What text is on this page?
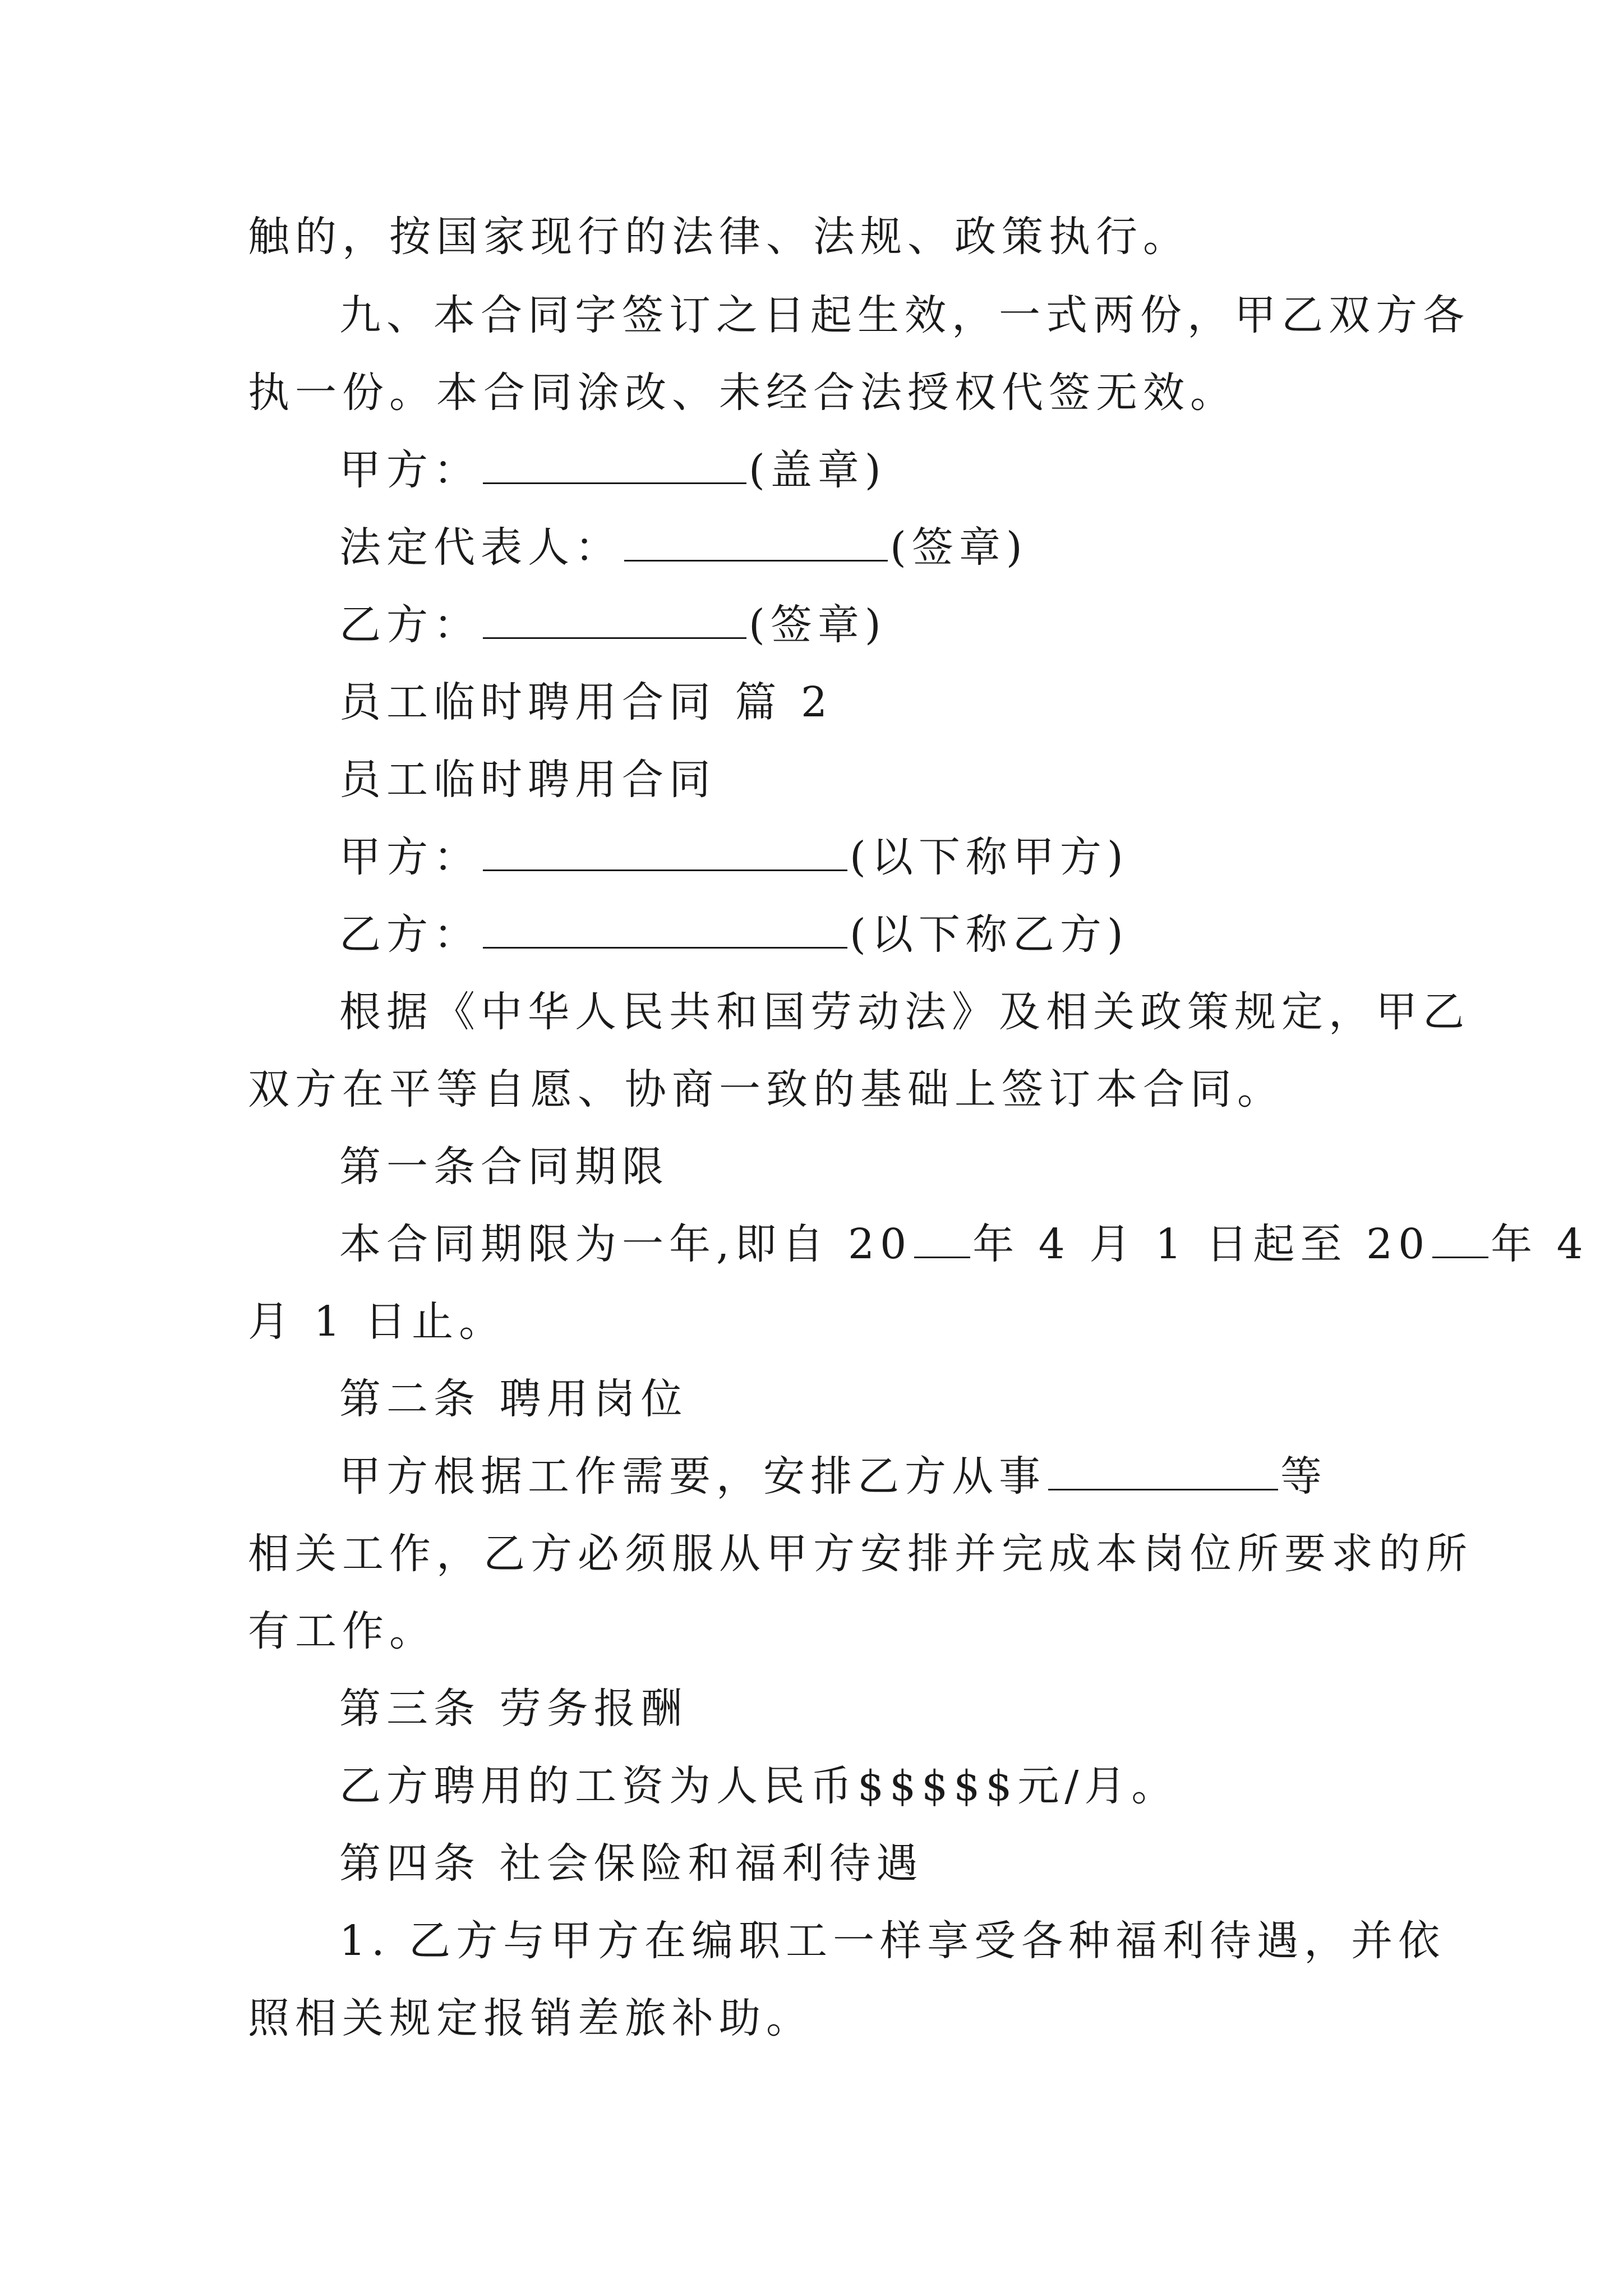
触的，按国家现行的法律、法规、政策执行。
九、本合同字签订之日起生效，一式两份，甲乙双方各
执一份。本合同涂改、未经合法授权代签无效。
甲方：	(盖章)
法定代表人：	(签章)
乙方：	(签章)
员工临时聘用合同 篇 2
员工临时聘用合同
甲方：	(以下称甲方)
乙方：	(以下称乙方)
根据《中华人民共和国劳动法》及相关政策规定，甲乙
双方在平等自愿、协商一致的基础上签订本合同。
第一条合同期限
本合同期限为一年,即自 20 年 4 月 1 日起至 20 年 4
月 1 日止。
第二条 聘用岗位
甲方根据工作需要，安排乙方从事	等
相关工作，乙方必须服从甲方安排并完成本岗位所要求的所
有工作。
第三条 劳务报酬
乙方聘用的工资为人民币$$$$$元/月。
第四条 社会保险和福利待遇
1. 乙方与甲方在编职工一样享受各种福利待遇，并依
照相关规定报销差旅补助。
